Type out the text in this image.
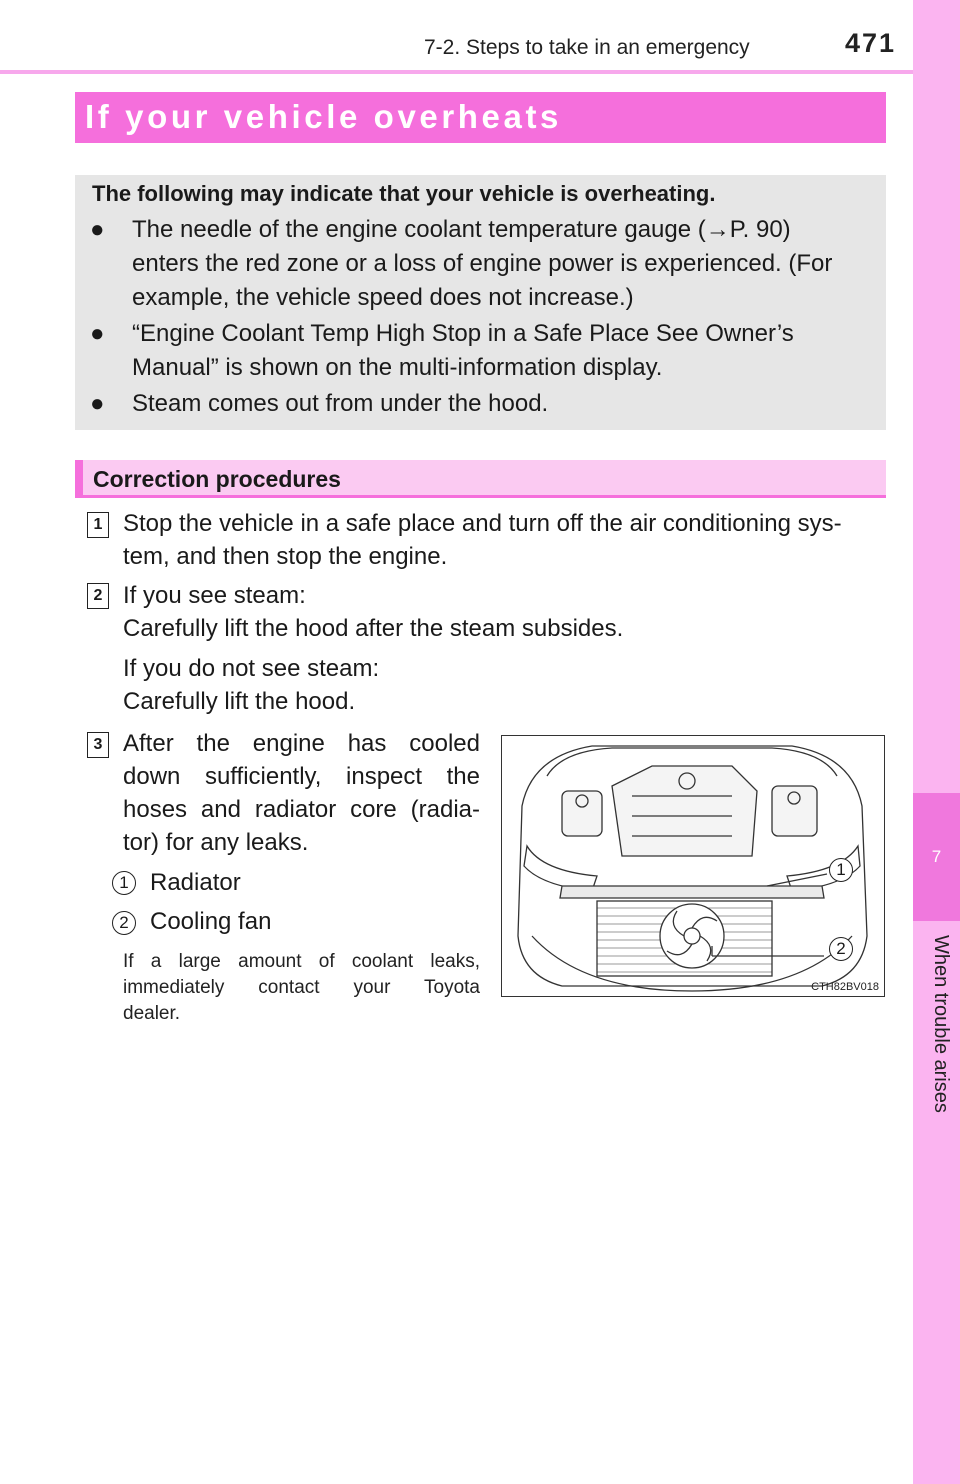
7-2. Steps to take in an emergency	471
7
When trouble arises
If your vehicle overheats
The following may indicate that your vehicle is overheating.
● The needle of the engine coolant temperature gauge (→P. 90)
enters the red zone or a loss of engine power is experienced. (For
example, the vehicle speed does not increase.)
● “Engine Coolant Temp High Stop in a Safe Place See Owner’s
Manual” is shown on the multi-information display.
● Steam comes out from under the hood.
Correction procedures
1 Stop the vehicle in a safe place and turn off the air conditioning sys-
tem, and then stop the engine.
2 If you see steam:
Carefully lift the hood after the steam subsides.
If you do not see steam:
Carefully lift the hood.
3 After the engine has cooled
down sufficiently, inspect the
hoses and radiator core (radia-
tor) for any leaks.
1 Radiator
2 Cooling fan
If a large amount of coolant leaks,
immediately contact your Toyota
dealer.
1
2
CTH82BV018
